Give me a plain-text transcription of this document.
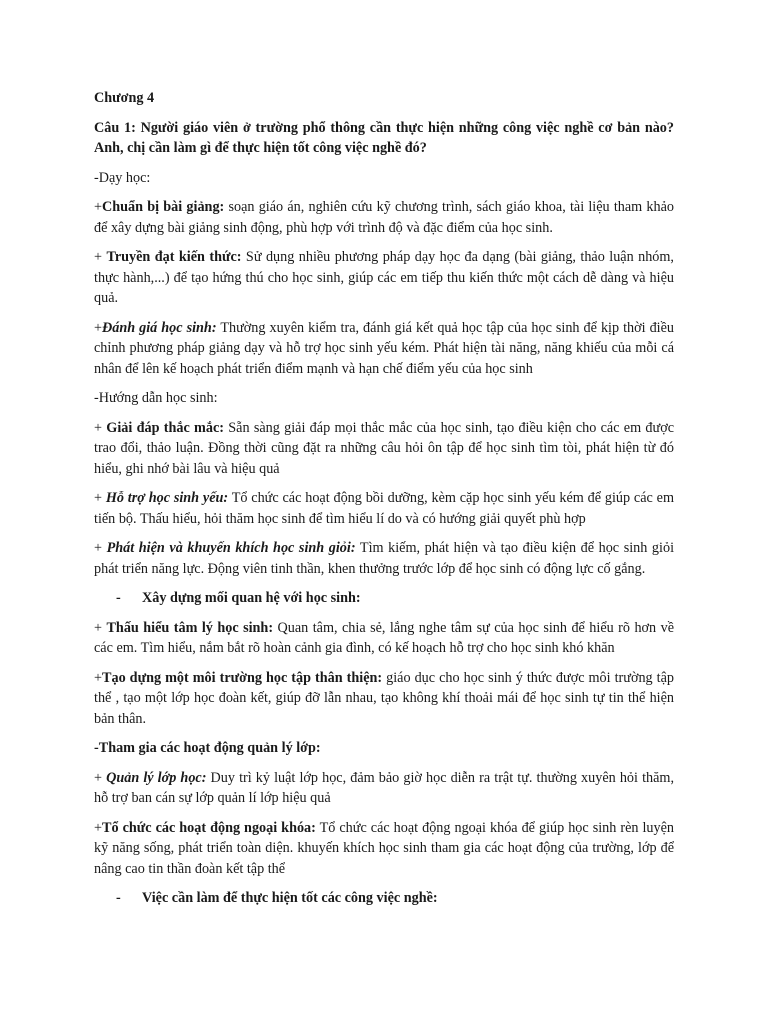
Chương 4

Câu 1: Người giáo viên ở trường phổ thông cần thực hiện những công việc nghề cơ bản nào? Anh, chị cần làm gì để thực hiện tốt công việc nghề đó?

-Dạy học:

+Chuẩn bị bài giảng: soạn giáo án, nghiên cứu kỹ chương trình, sách giáo khoa, tài liệu tham khảo để xây dựng bài giảng sinh động, phù hợp với trình độ và đặc điểm của học sinh.

+ Truyền đạt kiến thức: Sử dụng nhiều phương pháp dạy học đa dạng (bài giảng, thảo luận nhóm, thực hành,...) để tạo hứng thú cho học sinh, giúp các em tiếp thu kiến thức một cách dễ dàng và hiệu quả.

+Đánh giá học sinh: Thường xuyên kiểm tra, đánh giá kết quả học tập của học sinh để kịp thời điều chỉnh phương pháp giảng dạy và hỗ trợ học sinh yếu kém. Phát hiện tài năng, năng khiếu của mỗi cá nhân để lên kế hoạch phát triển điểm mạnh và hạn chế điểm yếu của học sinh

-Hướng dẫn học sinh:

+ Giải đáp thắc mắc: Sẵn sàng giải đáp mọi thắc mắc của học sinh, tạo điều kiện cho các em được trao đổi, thảo luận. Đồng thời cũng đặt ra những câu hỏi ôn tập để học sinh tìm tòi, phát hiện từ đó hiểu, ghi nhớ bài lâu và hiệu quả

+ Hỗ trợ học sinh yếu: Tổ chức các hoạt động bồi dưỡng, kèm cặp học sinh yếu kém để giúp các em tiến bộ. Thấu hiểu, hỏi thăm học sinh để tìm hiểu lí do và có hướng giải quyết phù hợp

+ Phát hiện và khuyến khích học sinh giỏi: Tìm kiếm, phát hiện và tạo điều kiện để học sinh giỏi phát triển năng lực. Động viên tinh thần, khen thưởng trước lớp để học sinh có động lực cố gắng.

-	Xây dựng mối quan hệ với học sinh:

+ Thấu hiểu tâm lý học sinh: Quan tâm, chia sẻ, lắng nghe tâm sự của học sinh để hiểu rõ hơn về các em. Tìm hiểu, nắm bắt rõ hoàn cảnh gia đình, có kế hoạch hỗ trợ cho học sinh khó khăn

+Tạo dựng một môi trường học tập thân thiện: giáo dục cho học sinh ý thức được môi trường tập thể , tạo một lớp học đoàn kết, giúp đỡ lẫn nhau, tạo không khí thoải mái để học sinh tự tin thể hiện bản thân.

-Tham gia các hoạt động quản lý lớp:

+ Quản lý lớp học: Duy trì kỷ luật lớp học, đảm bảo giờ học diễn ra trật tự. thường xuyên hỏi thăm, hỗ trợ ban cán sự lớp quản lí lớp hiệu quả

+Tổ chức các hoạt động ngoại khóa: Tổ chức các hoạt động ngoại khóa để giúp học sinh rèn luyện kỹ năng sống, phát triển toàn diện. khuyến khích học sinh tham gia các hoạt động của trường, lớp để nâng cao tin thần đoàn kết tập thể

-	Việc cần làm để thực hiện tốt các công việc nghề:
